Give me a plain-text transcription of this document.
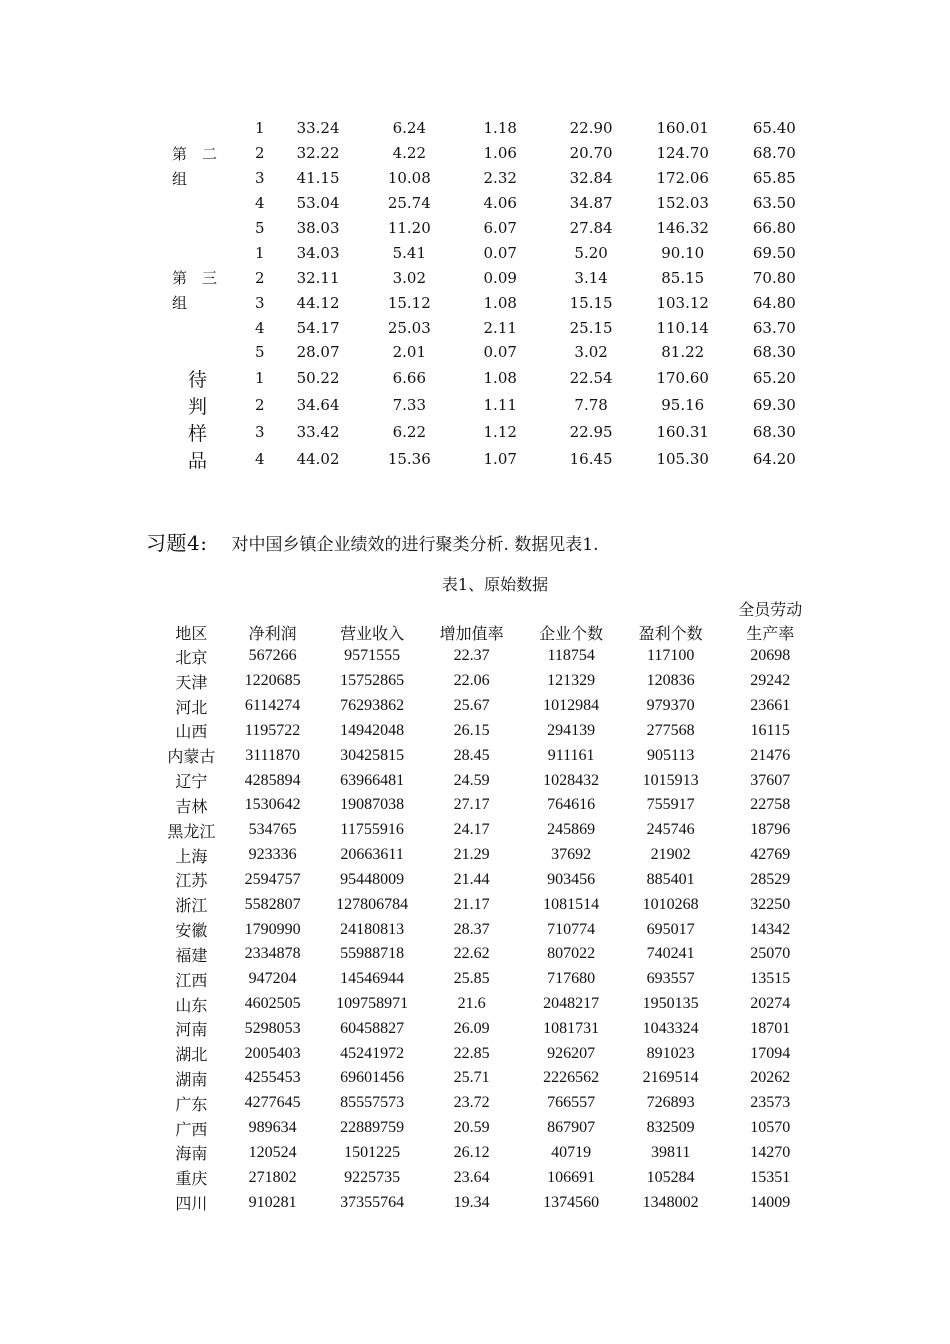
	1	33.24	6.24	1.18	22.90	160.01	65.40
第　二	2	32.22	4.22	1.06	20.70	124.70	68.70
组	3	41.15	10.08	2.32	32.84	172.06	65.85
	4	53.04	25.74	4.06	34.87	152.03	63.50
	5	38.03	11.20	6.07	27.84	146.32	66.80
	1	34.03	5.41	0.07	5.20	90.10	69.50
第　三	2	32.11	3.02	0.09	3.14	85.15	70.80
组	3	44.12	15.12	1.08	15.15	103.12	64.80
	4	54.17	25.03	2.11	25.15	110.14	63.70
	5	28.07	2.01	0.07	3.02	81.22	68.30
待	1	50.22	6.66	1.08	22.54	170.60	65.20
判	2	34.64	7.33	1.11	7.78	95.16	69.30
样	3	33.42	6.22	1.12	22.95	160.31	68.30
品	4	44.02	15.36	1.07	16.45	105.30	64.20
习题4: 对中国乡镇企业绩效的进行聚类分析. 数据见表1.
表1、原始数据
						全员劳动
地区	净利润	营业收入	增加值率	企业个数	盈利个数	生产率
北京	567266	9571555	22.37	118754	117100	20698
天津	1220685	15752865	22.06	121329	120836	29242
河北	6114274	76293862	25.67	1012984	979370	23661
山西	1195722	14942048	26.15	294139	277568	16115
内蒙古	3111870	30425815	28.45	911161	905113	21476
辽宁	4285894	63966481	24.59	1028432	1015913	37607
吉林	1530642	19087038	27.17	764616	755917	22758
黑龙江	534765	11755916	24.17	245869	245746	18796
上海	923336	20663611	21.29	37692	21902	42769
江苏	2594757	95448009	21.44	903456	885401	28529
浙江	5582807	127806784	21.17	1081514	1010268	32250
安徽	1790990	24180813	28.37	710774	695017	14342
福建	2334878	55988718	22.62	807022	740241	25070
江西	947204	14546944	25.85	717680	693557	13515
山东	4602505	109758971	21.6	2048217	1950135	20274
河南	5298053	60458827	26.09	1081731	1043324	18701
湖北	2005403	45241972	22.85	926207	891023	17094
湖南	4255453	69601456	25.71	2226562	2169514	20262
广东	4277645	85557573	23.72	766557	726893	23573
广西	989634	22889759	20.59	867907	832509	10570
海南	120524	1501225	26.12	40719	39811	14270
重庆	271802	9225735	23.64	106691	105284	15351
四川	910281	37355764	19.34	1374560	1348002	14009
